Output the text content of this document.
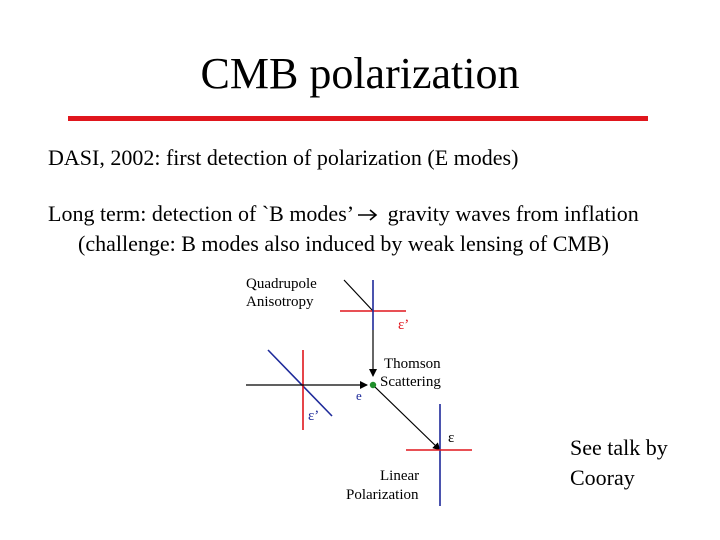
CMB polarization
DASI, 2002: first detection of polarization (E modes)
Long term: detection of `B modes’ gravity waves from inflation
(challenge: B modes also induced by weak lensing of CMB)
Quadrupole
Anisotropy
ε’
Thomson
Scattering
e
ε’
ε
Linear
Polarization
See talk by
Cooray
